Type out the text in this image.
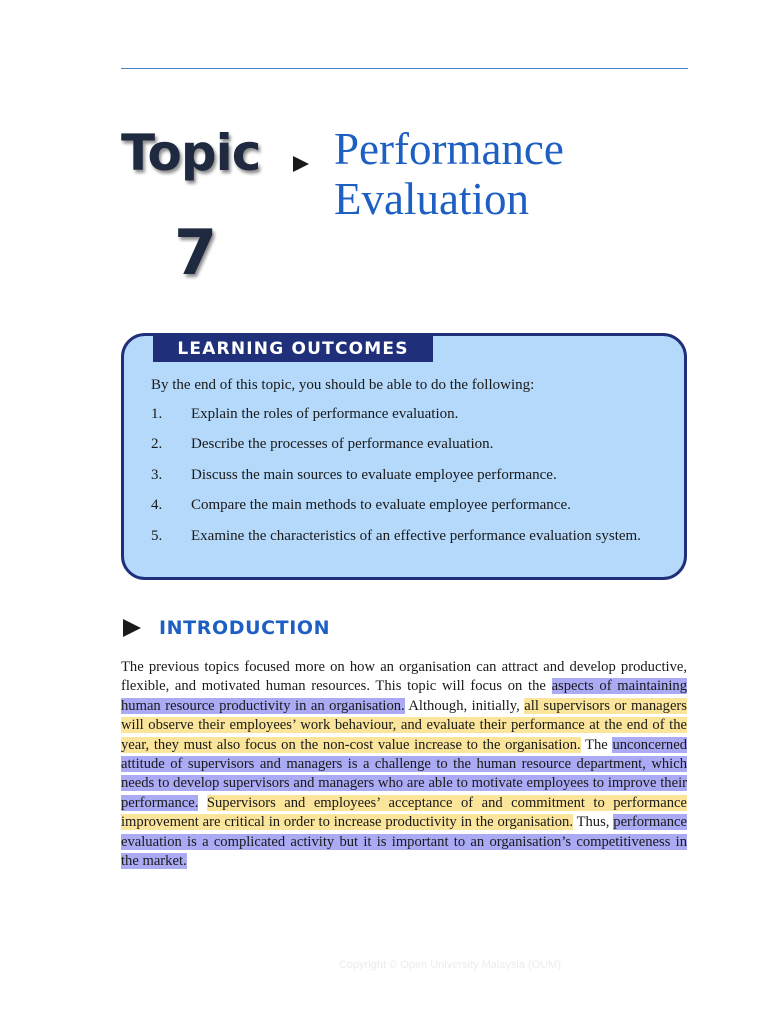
Topic
7
Performance
Evaluation
LEARNING OUTCOMES
By the end of this topic, you should be able to do the following:
1.	Explain the roles of performance evaluation.
2.	Describe the processes of performance evaluation.
3.	Discuss the main sources to evaluate employee performance.
4.	Compare the main methods to evaluate employee performance.
5.	Examine the characteristics of an effective performance evaluation system.
INTRODUCTION
The previous topics focused more on how an organisation can attract and develop productive, flexible, and motivated human resources. This topic will focus on the aspects of maintaining human resource productivity in an organisation. Although, initially, all supervisors or managers will observe their employees’ work behaviour, and evaluate their performance at the end of the year, they must also focus on the non-cost value increase to the organisation. The unconcerned attitude of supervisors and managers is a challenge to the human resource department, which needs to develop supervisors and managers who are able to motivate employees to improve their performance. Supervisors and employees’ acceptance of and commitment to performance improvement are critical in order to increase productivity in the organisation. Thus, performance evaluation is a complicated activity but it is important to an organisation’s competitiveness in the market.
Copyright © Open University Malaysia (OUM)
